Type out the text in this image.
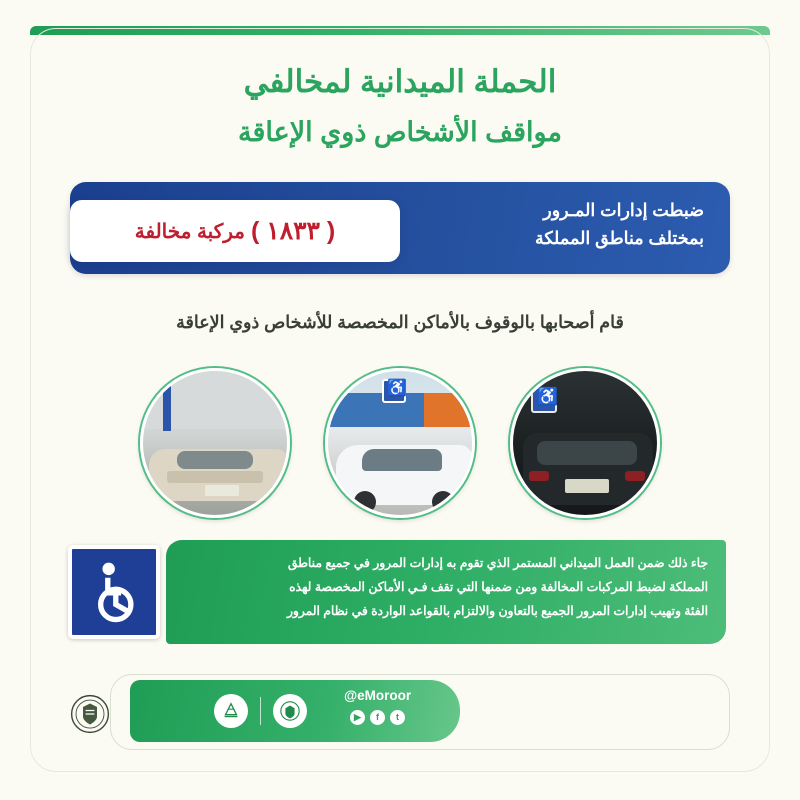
الحملة الميدانية لمخالفي
مواقف الأشخاص ذوي الإعاقة
ضبطت إدارات المـرور
بمختلف مناطق المملكة
( ١٨٣٣ )
مركبة مخالفة
قام أصحابها بالوقوف بالأماكن المخصصة للأشخاص ذوي الإعاقة
♿
♿
جاء ذلك ضمن العمل الميداني المستمر الذي تقوم به إدارات المرور في جميع مناطق المملكة لضبط المركبات المخالفة ومن ضمنها التي تقف فـي الأماكن المخصصة لهذه الفئة وتهيب إدارات المرور الجميع بالتعاون والالتزام بالقواعد الواردة في نظام المرور
@eMoroor
t
f
▶
